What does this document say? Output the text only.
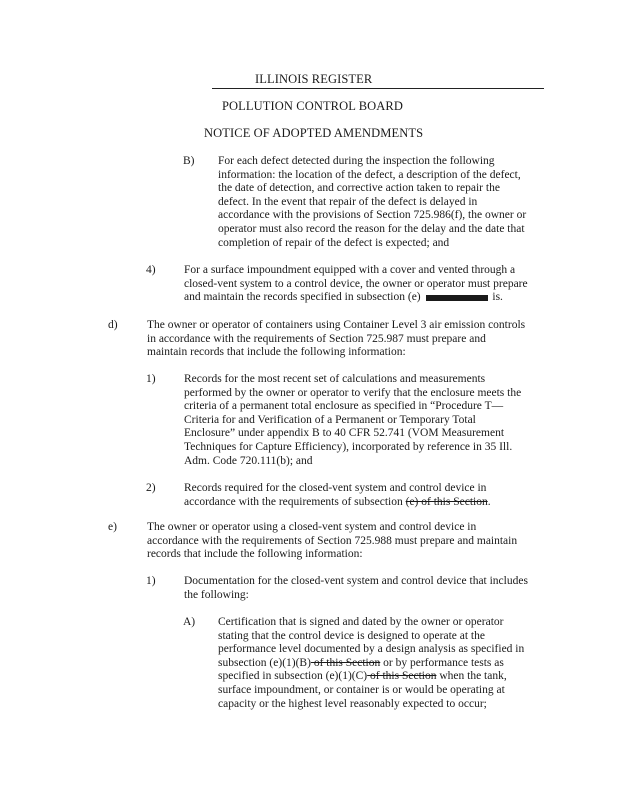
ILLINOIS REGISTER
POLLUTION CONTROL BOARD
NOTICE OF ADOPTED AMENDMENTS
B) For each defect detected during the inspection the following
information: the location of the defect, a description of the defect,
the date of detection, and corrective action taken to repair the
defect. In the event that repair of the defect is delayed in
accordance with the provisions of Section 725.986(f), the owner or
operator must also record the reason for the delay and the date that
completion of repair of the defect is expected; and
4) For a surface impoundment equipped with a cover and vented through a
closed-vent system to a control device, the owner or operator must prepare
and maintain the records specified in subsection (e)	is.
d)	The owner or operator of containers using Container Level 3 air emission controls
in accordance with the requirements of Section 725.987 must prepare and
maintain records that include the following information:
1) Records for the most recent set of calculations and measurements
performed by the owner or operator to verify that the enclosure meets the
criteria of a permanent total enclosure as specified in “Procedure T—
Criteria for and Verification of a Permanent or Temporary Total
Enclosure” under appendix B to 40 CFR 52.741 (VOM Measurement
Techniques for Capture Efficiency), incorporated by reference in 35 Ill.
Adm. Code 720.111(b); and
2) Records required for the closed-vent system and control device in
accordance with the requirements of subsection (e) of this Section.
e)	The owner or operator using a closed-vent system and control device in
accordance with the requirements of Section 725.988 must prepare and maintain
records that include the following information:
1) Documentation for the closed-vent system and control device that includes
the following:
A) Certification that is signed and dated by the owner or operator
stating that the control device is designed to operate at the
performance level documented by a design analysis as specified in
subsection (e)(1)(B) of this Section or by performance tests as
specified in subsection (e)(1)(C) of this Section when the tank,
surface impoundment, or container is or would be operating at
capacity or the highest level reasonably expected to occur;
